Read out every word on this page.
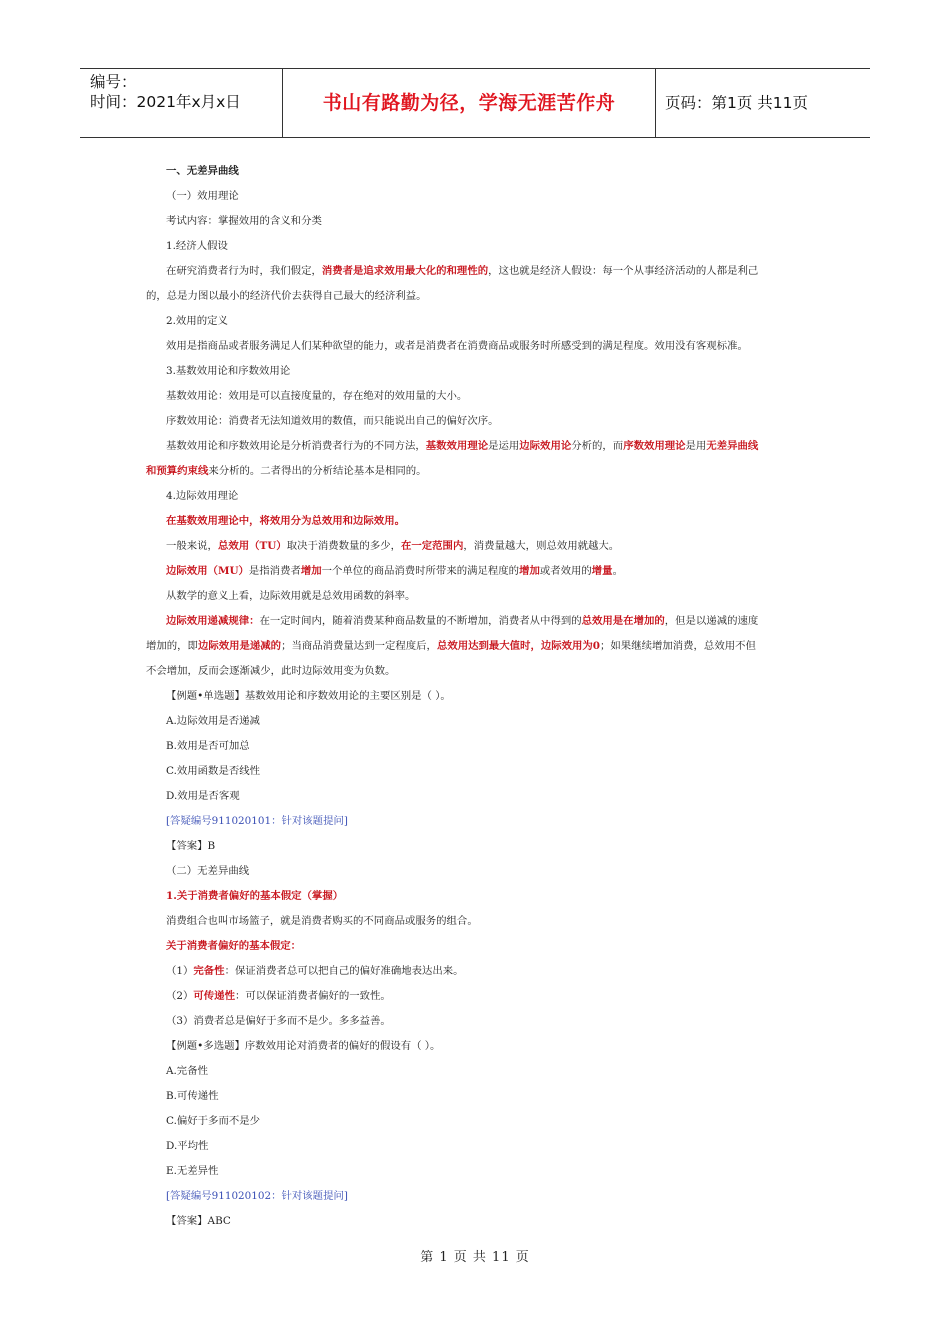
编号：
时间：2021年x月x日	书山有路勤为径，学海无涯苦作舟	页码：第1页 共11页
一、无差异曲线
（一）效用理论
考试内容：掌握效用的含义和分类
1.经济人假设
在研究消费者行为时，我们假定，消费者是追求效用最大化的和理性的，这也就是经济人假设：每一个从事经济活动的人都是利己
的，总是力图以最小的经济代价去获得自己最大的经济利益。
2.效用的定义
效用是指商品或者服务满足人们某种欲望的能力，或者是消费者在消费商品或服务时所感受到的满足程度。效用没有客观标准。
3.基数效用论和序数效用论
基数效用论：效用是可以直接度量的，存在绝对的效用量的大小。
序数效用论：消费者无法知道效用的数值，而只能说出自己的偏好次序。
基数效用论和序数效用论是分析消费者行为的不同方法，基数效用理论是运用边际效用论分析的，而序数效用理论是用无差异曲线
和预算约束线来分析的。二者得出的分析结论基本是相同的。
4.边际效用理论
在基数效用理论中，将效用分为总效用和边际效用。
一般来说，总效用（TU）取决于消费数量的多少，在一定范围内，消费量越大，则总效用就越大。
边际效用（MU）是指消费者增加一个单位的商品消费时所带来的满足程度的增加或者效用的增量。
从数学的意义上看，边际效用就是总效用函数的斜率。
边际效用递减规律：在一定时间内，随着消费某种商品数量的不断增加，消费者从中得到的总效用是在增加的，但是以递减的速度
增加的，即边际效用是递减的；当商品消费量达到一定程度后，总效用达到最大值时，边际效用为0；如果继续增加消费，总效用不但
不会增加，反而会逐渐减少，此时边际效用变为负数。
【例题•单选题】基数效用论和序数效用论的主要区别是（ ）。
A.边际效用是否递减
B.效用是否可加总
C.效用函数是否线性
D.效用是否客观
[答疑编号911020101：针对该题提问]
【答案】B
（二）无差异曲线
1.关于消费者偏好的基本假定（掌握）
消费组合也叫市场篮子，就是消费者购买的不同商品或服务的组合。
关于消费者偏好的基本假定：
（1）完备性：保证消费者总可以把自己的偏好准确地表达出来。
（2）可传递性：可以保证消费者偏好的一致性。
（3）消费者总是偏好于多而不是少。多多益善。
【例题•多选题】序数效用论对消费者的偏好的假设有（ ）。
A.完备性
B.可传递性
C.偏好于多而不是少
D.平均性
E.无差异性
[答疑编号911020102：针对该题提问]
【答案】ABC
第 1 页 共 11 页
